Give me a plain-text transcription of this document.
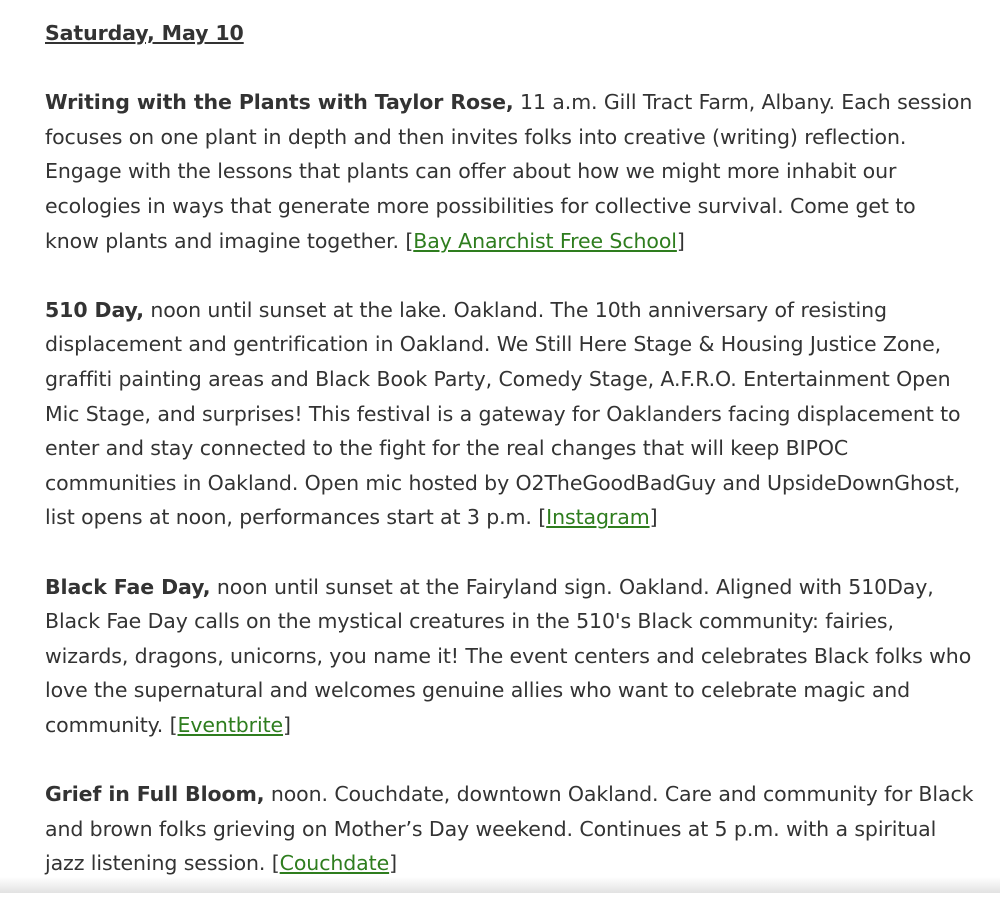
Saturday, May 10

Writing with the Plants with Taylor Rose, 11 a.m. Gill Tract Farm, Albany. Each session focuses on one plant in depth and then invites folks into creative (writing) reflection. Engage with the lessons that plants can offer about how we might more inhabit our ecologies in ways that generate more possibilities for collective survival. Come get to know plants and imagine together. [Bay Anarchist Free School]

510 Day, noon until sunset at the lake. Oakland. The 10th anniversary of resisting displacement and gentrification in Oakland. We Still Here Stage & Housing Justice Zone, graffiti painting areas and Black Book Party, Comedy Stage, A.F.R.O. Entertainment Open Mic Stage, and surprises! This festival is a gateway for Oaklanders facing displacement to enter and stay connected to the fight for the real changes that will keep BIPOC communities in Oakland. Open mic hosted by O2TheGoodBadGuy and UpsideDownGhost, list opens at noon, performances start at 3 p.m. [Instagram]

Black Fae Day, noon until sunset at the Fairyland sign. Oakland. Aligned with 510Day, Black Fae Day calls on the mystical creatures in the 510's Black community: fairies, wizards, dragons, unicorns, you name it! The event centers and celebrates Black folks who love the supernatural and welcomes genuine allies who want to celebrate magic and community. [Eventbrite]

Grief in Full Bloom, noon. Couchdate, downtown Oakland. Care and community for Black and brown folks grieving on Mother’s Day weekend. Continues at 5 p.m. with a spiritual jazz listening session. [Couchdate]
